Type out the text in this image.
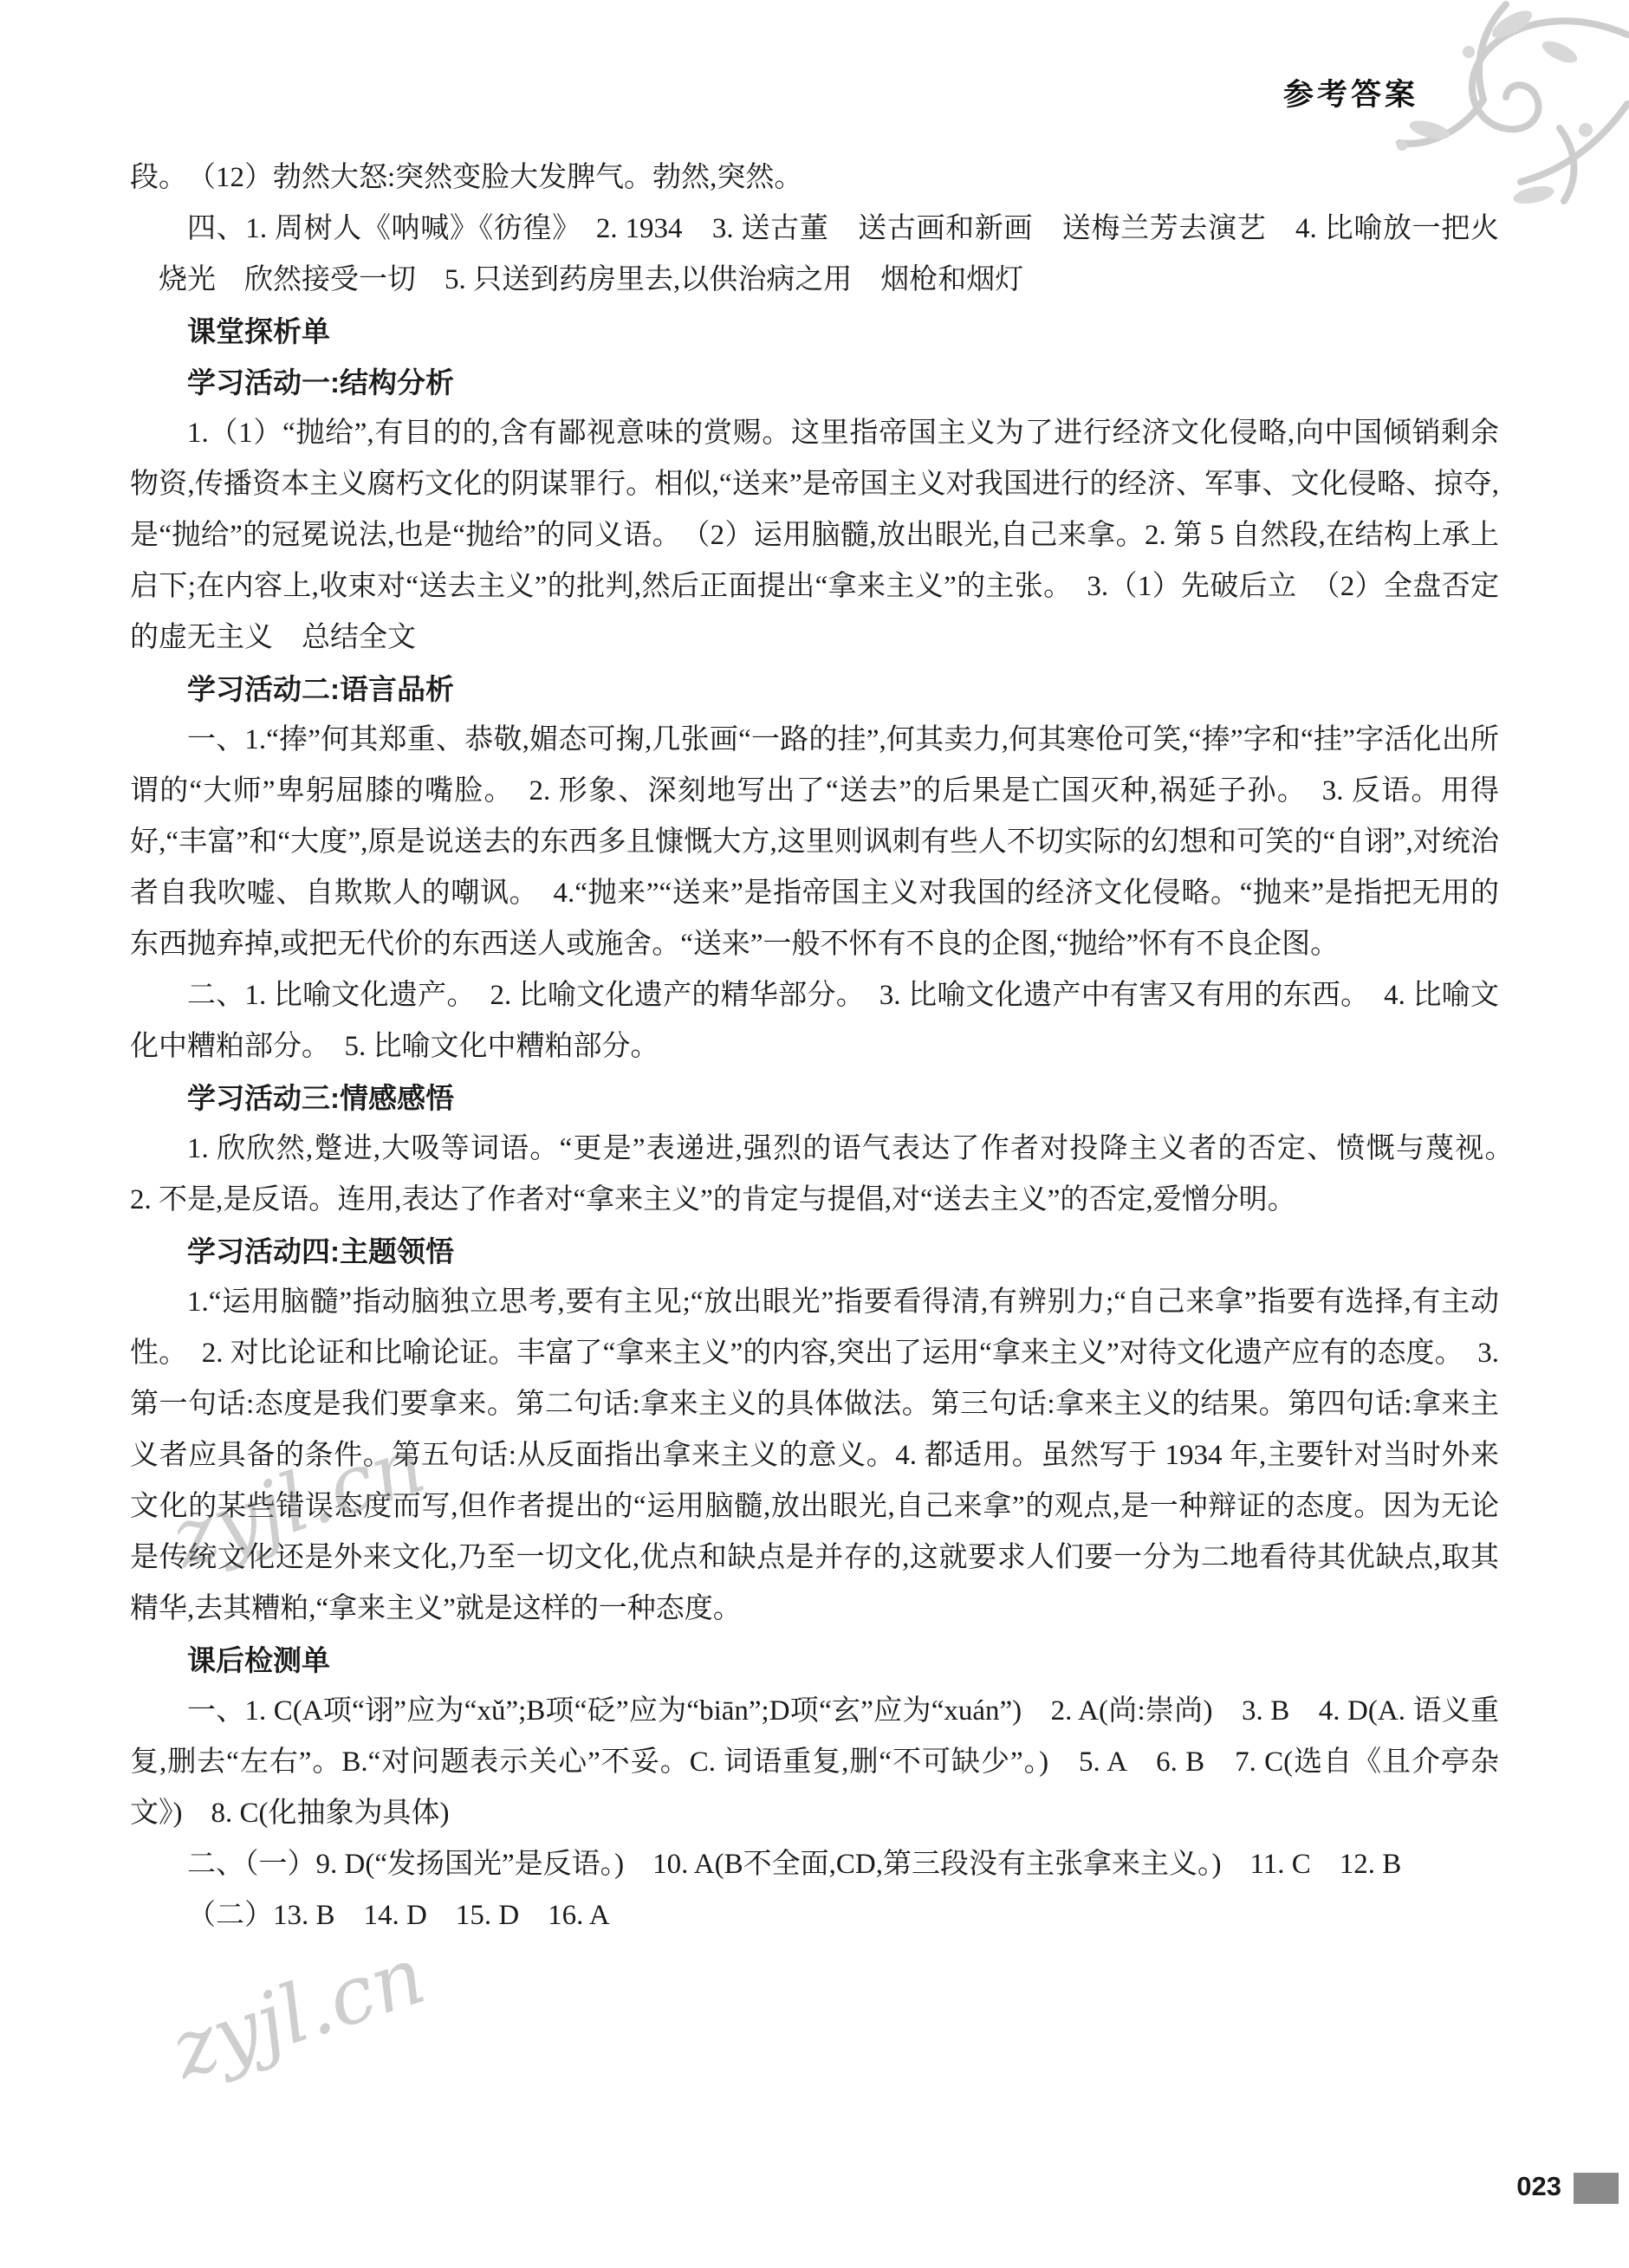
参考答案

段。　（12）勃然大怒:突然变脸大发脾气。勃然,突然。

四、1. 周树人《呐喊》《彷徨》　2. 1934　3. 送古董　送古画和新画　送梅兰芳去演艺　4. 比喻放一把火烧光　欣然接受一切　5. 只送到药房里去,以供治病之用　烟枪和烟灯

课堂探析单

学习活动一:结构分析

1.（1）“抛给”,有目的的,含有鄙视意味的赏赐。这里指帝国主义为了进行经济文化侵略,向中国倾销剩余物资,传播资本主义腐朽文化的阴谋罪行。相似,“送来”是帝国主义对我国进行的经济、军事、文化侵略、掠夺,是“抛给”的冠冕说法,也是“抛给”的同义语。　（2）运用脑髓,放出眼光,自己来拿。2. 第 5 自然段,在结构上承上启下;在内容上,收束对“送去主义”的批判,然后正面提出“拿来主义”的主张。　3.（1）先破后立　（2）全盘否定的虚无主义　总结全文

学习活动二:语言品析

一、1.“捧”何其郑重、恭敬,媚态可掬,几张画“一路的挂”,何其卖力,何其寒伧可笑,“捧”字和“挂”字活化出所谓的“大师”卑躬屈膝的嘴脸。　2. 形象、深刻地写出了“送去”的后果是亡国灭种,祸延子孙。　3. 反语。用得好,“丰富”和“大度”,原是说送去的东西多且慷慨大方,这里则讽刺有些人不切实际的幻想和可笑的“自诩”,对统治者自我吹嘘、自欺欺人的嘲讽。　4.“抛来”“送来”是指帝国主义对我国的经济文化侵略。“抛来”是指把无用的东西抛弃掉,或把无代价的东西送人或施舍。“送来”一般不怀有不良的企图,“抛给”怀有不良企图。

二、1. 比喻文化遗产。　2. 比喻文化遗产的精华部分。　3. 比喻文化遗产中有害又有用的东西。　4. 比喻文化中糟粕部分。　5. 比喻文化中糟粕部分。

学习活动三:情感感悟

1. 欣欣然,蹩进,大吸等词语。“更是”表递进,强烈的语气表达了作者对投降主义者的否定、愤慨与蔑视。　2. 不是,是反语。连用,表达了作者对“拿来主义”的肯定与提倡,对“送去主义”的否定,爱憎分明。

学习活动四:主题领悟

1.“运用脑髓”指动脑独立思考,要有主见;“放出眼光”指要看得清,有辨别力;“自己来拿”指要有选择,有主动性。　2. 对比论证和比喻论证。丰富了“拿来主义”的内容,突出了运用“拿来主义”对待文化遗产应有的态度。　3. 第一句话:态度是我们要拿来。第二句话:拿来主义的具体做法。第三句话:拿来主义的结果。第四句话:拿来主义者应具备的条件。第五句话:从反面指出拿来主义的意义。4. 都适用。虽然写于 1934 年,主要针对当时外来文化的某些错误态度而写,但作者提出的“运用脑髓,放出眼光,自己来拿”的观点,是一种辩证的态度。因为无论是传统文化还是外来文化,乃至一切文化,优点和缺点是并存的,这就要求人们要一分为二地看待其优缺点,取其精华,去其糟粕,“拿来主义”就是这样的一种态度。

课后检测单

一、1. C(A项“诩”应为“xǔ”;B项“砭”应为“biān”;D项“玄”应为“xuán”)　2. A(尚:崇尚)　3. B　4. D(A. 语义重复,删去“左右”。B.“对问题表示关心”不妥。C. 词语重复,删“不可缺少”。)　5. A　6. B　7. C(选自《且介亭杂文》)　8. C(化抽象为具体)

二、（一）9. D(“发扬国光”是反语。)　10. A(B不全面,CD,第三段没有主张拿来主义。)　11. C　12. B

（二）13. B　14. D　15. D　16. A

zyjl.cn
zyjl.cn
023
